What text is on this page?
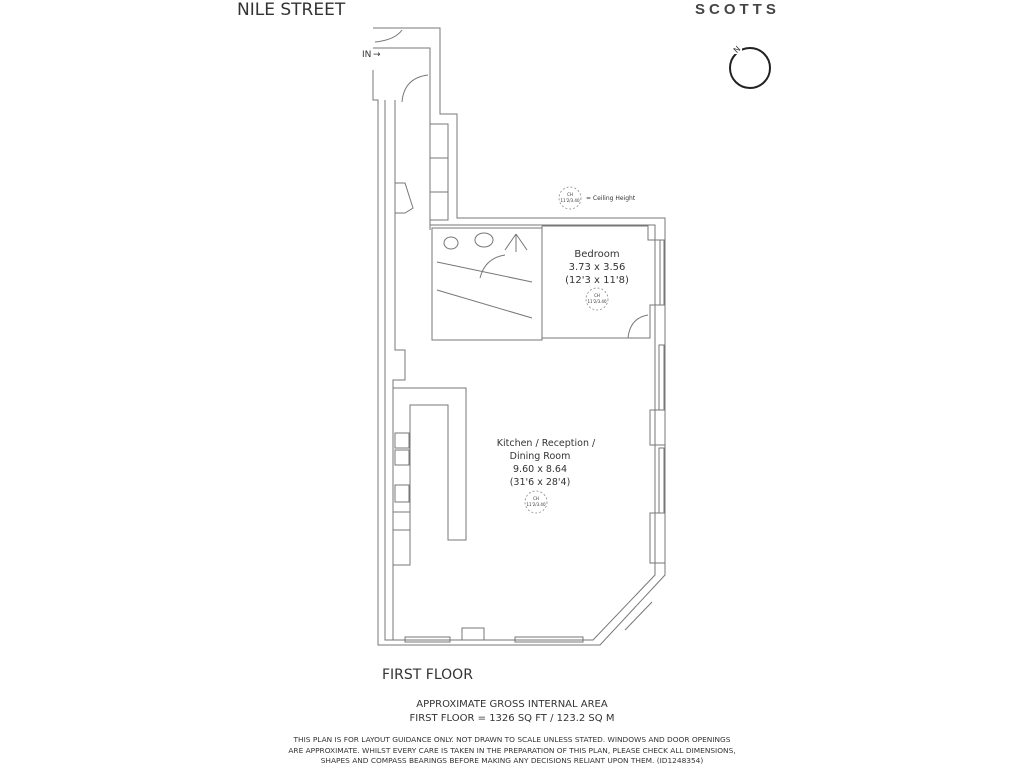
NILE STREET	SCOTTS
N
IN →
CH
11'2/3.40 = Ceiling Height
Bedroom
3.73 x 3.56
(12'3 x 11'8)
CH
11'2/3.40
Kitchen / Reception /
Dining Room
9.60 x 8.64
(31'6 x 28'4)
CH
11'2/3.40
FIRST FLOOR
APPROXIMATE GROSS INTERNAL AREA
FIRST FLOOR = 1326 SQ FT / 123.2 SQ M
THIS PLAN IS FOR LAYOUT GUIDANCE ONLY. NOT DRAWN TO SCALE UNLESS STATED. WINDOWS AND DOOR OPENINGS
ARE APPROXIMATE. WHILST EVERY CARE IS TAKEN IN THE PREPARATION OF THIS PLAN, PLEASE CHECK ALL DIMENSIONS,
SHAPES AND COMPASS BEARINGS BEFORE MAKING ANY DECISIONS RELIANT UPON THEM. (ID1248354)
